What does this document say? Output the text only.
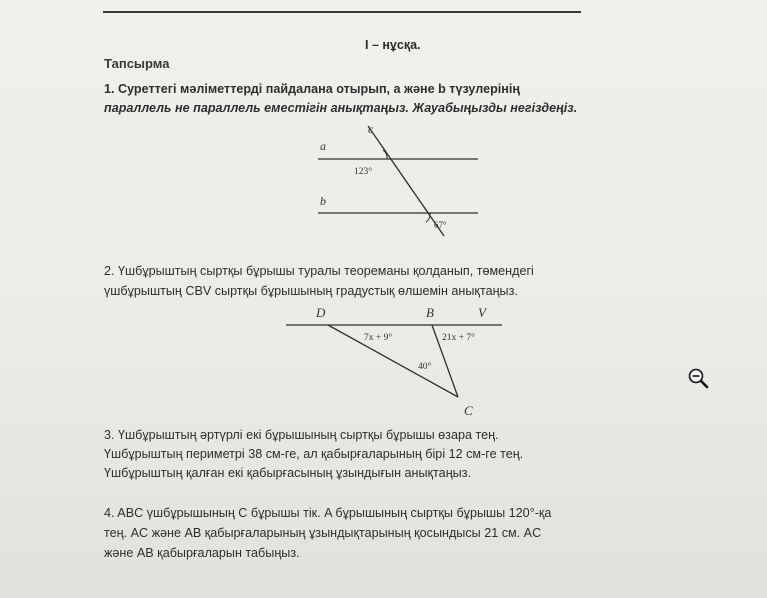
I – нұсқа.
Тапсырма
1. Суреттегі мәліметтерді пайдалана отырып, a және b түзулерінің
параллель не параллель еместігін анықтаңыз. Жауабыңызды негіздеңіз.
a
b
c
123°
67°
2. Үшбұрыштың сыртқы бұрышы туралы теореманы қолданып, төмендегі
үшбұрыштың CBV сыртқы бұрышының градустық өлшемін анықтаңыз.
D	B	V
C
7x + 9°	21x + 7°
40°
3. Үшбұрыштың әртүрлі екі бұрышының сыртқы бұрышы өзара тең.
Үшбұрыштың периметрі 38 см-ге, ал қабырғаларының бірі 12 см-ге тең.
Үшбұрыштың қалған екі қабырғасының ұзындығын анықтаңыз.
4. ABC үшбұрышының C бұрышы тік. A бұрышының сыртқы бұрышы 120°-қа
тең. AC және AB қабырғаларының ұзындықтарының қосындысы 21 см. AC
және AB қабырғаларын табыңыз.
